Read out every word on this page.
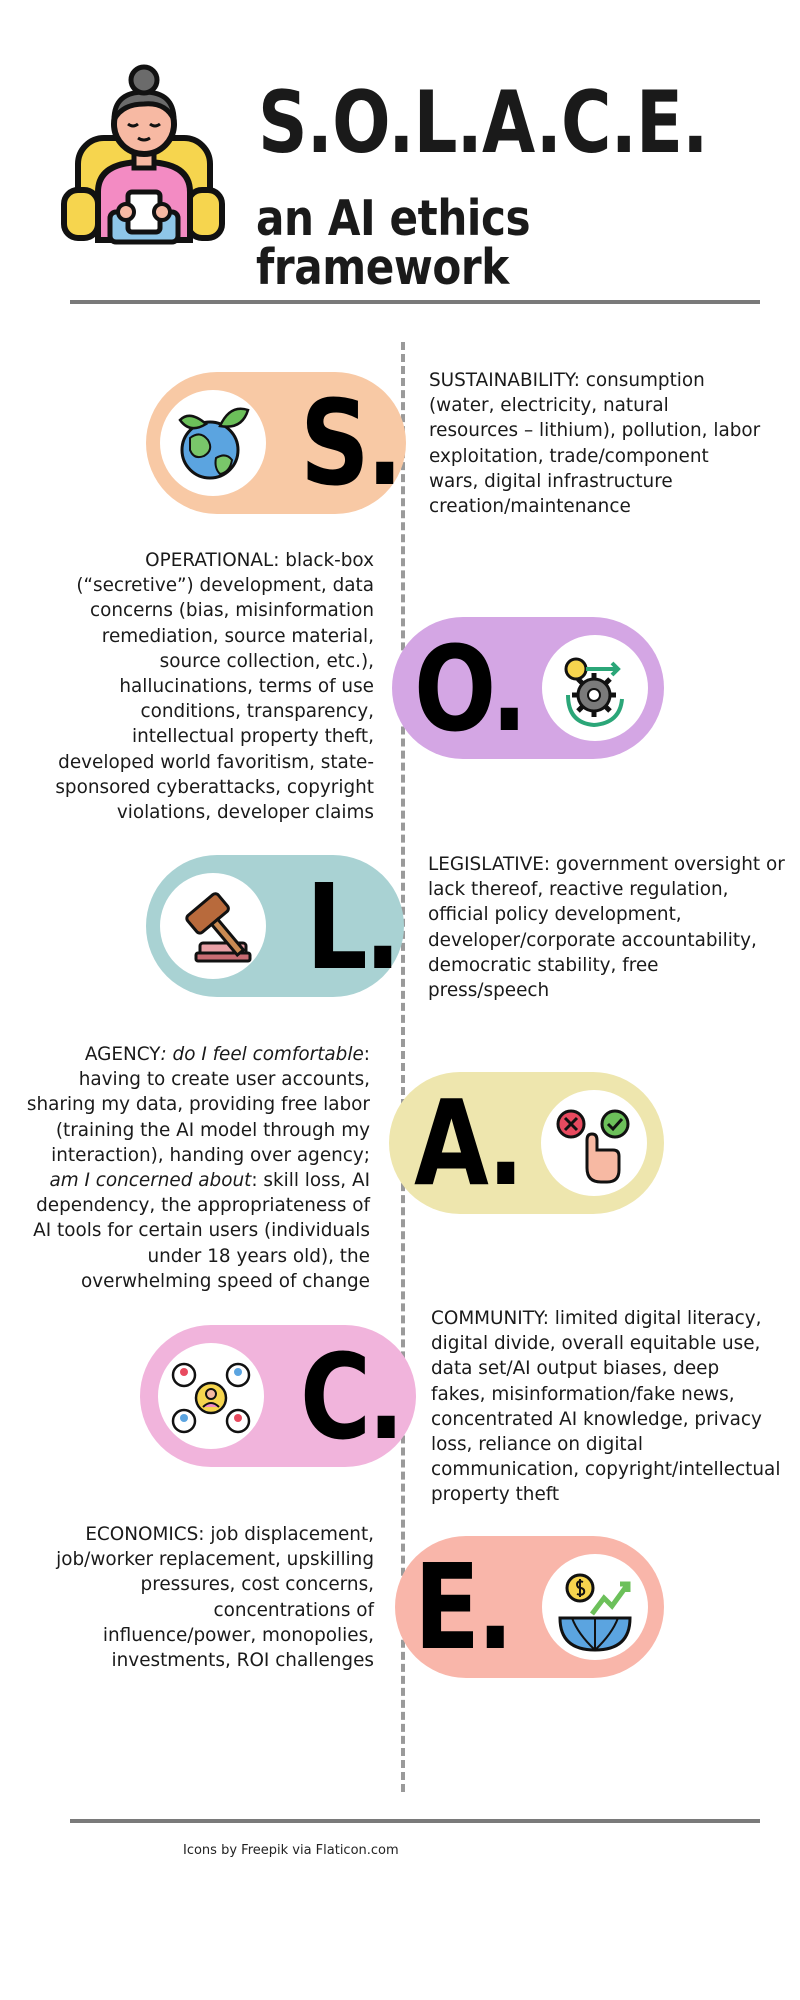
S.O.L.A.C.E.
an AI ethics framework
S. SUSTAINABILITY: consumption
(water, electricity, natural
resources – lithium), pollution, labor
exploitation, trade/component
wars, digital infrastructure
creation/maintenance
O.
OPERATIONAL: black-box
(“secretive”) development, data
concerns (bias, misinformation
remediation, source material,
source collection, etc.),
hallucinations, terms of use
conditions, transparency,
intellectual property theft,
developed world favoritism, state-
sponsored cyberattacks, copyright
violations, developer claims
L. LEGISLATIVE: government oversight or
lack thereof, reactive regulation,
official policy development,
developer/corporate accountability,
democratic stability, free
press/speech
A.
AGENCY: do I feel comfortable:
having to create user accounts,
sharing my data, providing free labor
(training the AI model through my
interaction), handing over agency;
am I concerned about: skill loss, AI
dependency, the appropriateness of
AI tools for certain users (individuals
under 18 years old), the
overwhelming speed of change
C.
COMMUNITY: limited digital literacy,
digital divide, overall equitable use,
data set/AI output biases, deep
fakes, misinformation/fake news,
concentrated AI knowledge, privacy
loss, reliance on digital
communication, copyright/intellectual
property theft
E.
ECONOMICS: job displacement,
job/worker replacement, upskilling
pressures, cost concerns,
concentrations of
influence/power, monopolies,
investments, ROI challenges
Icons by Freepik via Flaticon.com
